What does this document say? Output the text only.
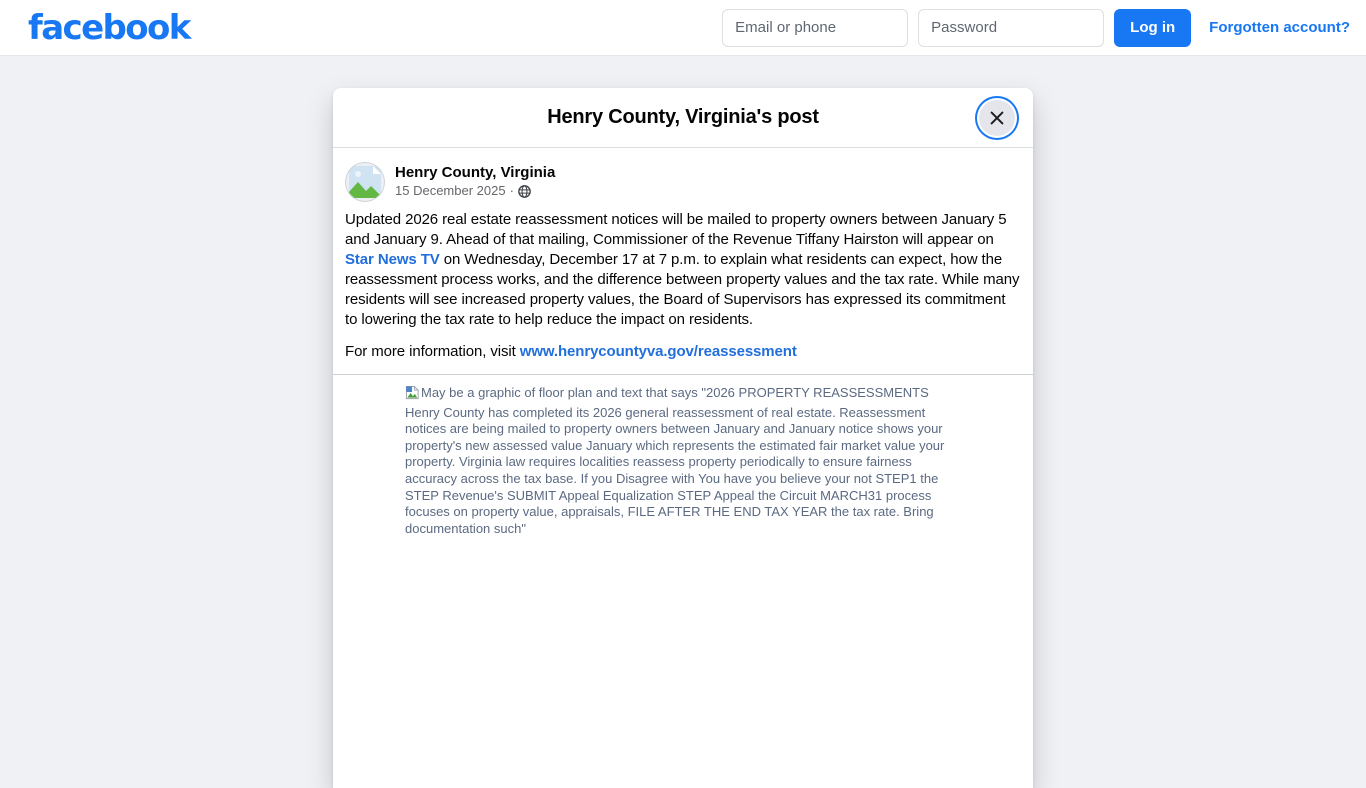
facebook
Email or phone	Log in	Forgotten account?
Henry County, Virginia's post
Henry County, Virginia
15 December 2025 ·

Updated 2026 real estate reassessment notices will be mailed to property owners between January 5 and January 9. Ahead of that mailing, Commissioner of the Revenue Tiffany Hairston will appear on Star News TV on Wednesday, December 17 at 7 p.m. to explain what residents can expect, how the reassessment process works, and the difference between property values and the tax rate. While many residents will see increased property values, the Board of Supervisors has expressed its commitment to lowering the tax rate to help reduce the impact on residents.

For more information, visit www.henrycountyva.gov/reassessment

May be a graphic of floor plan and text that says "2026 PROPERTY REASSESSMENTS Henry County has completed its 2026 general reassessment of real estate. Reassessment notices are being mailed to property owners between January and January notice shows your property's new assessed value January which represents the estimated fair market value your property. Virginia law requires localities reassess property periodically to ensure fairness accuracy across the tax base. If you Disagree with You have you believe your not STEP1 the STEP Revenue's SUBMIT Appeal Equalization STEP Appeal the Circuit MARCH31 process focuses on property value, appraisals, FILE AFTER THE END TAX YEAR the tax rate. Bring documentation such"
